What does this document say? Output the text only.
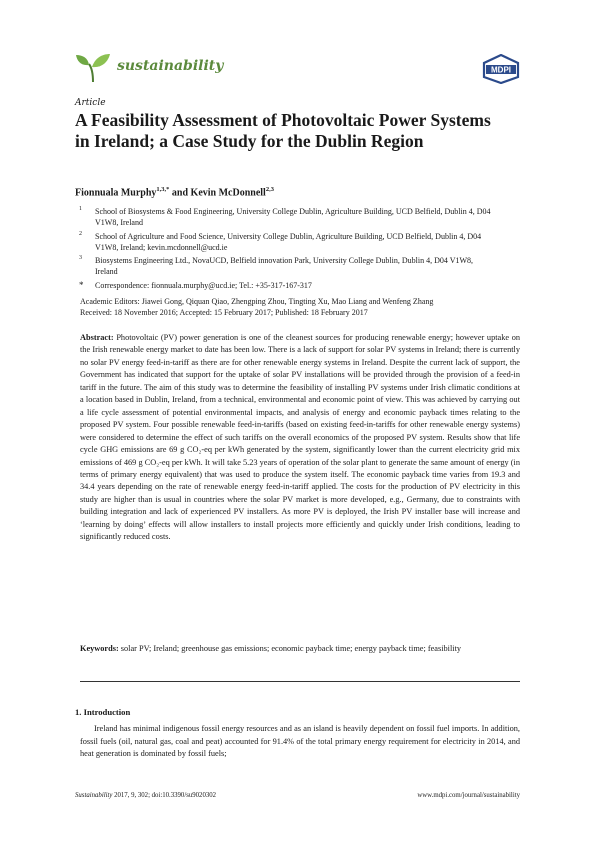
sustainability	MDPI
Article
A Feasibility Assessment of Photovoltaic Power Systems in Ireland; a Case Study for the Dublin Region
Fionnuala Murphy$^{1,3,*}$ and Kevin McDonnell$^{2,3}$
1 School of Biosystems & Food Engineering, University College Dublin, Agriculture Building, UCD Belfield, Dublin 4, D04 V1W8, Ireland
2 School of Agriculture and Food Science, University College Dublin, Agriculture Building, UCD Belfield, Dublin 4, D04 V1W8, Ireland; kevin.mcdonnell@ucd.ie
3 Biosystems Engineering Ltd., NovaUCD, Belfield innovation Park, University College Dublin, Dublin 4, D04 V1W8, Ireland
* Correspondence: fionnuala.murphy@ucd.ie; Tel.: +35-317-167-317
Academic Editors: Jiawei Gong, Qiquan Qiao, Zhengping Zhou, Tingting Xu, Mao Liang and Wenfeng Zhang
Received: 18 November 2016; Accepted: 15 February 2017; Published: 18 February 2017
Abstract: Photovoltaic (PV) power generation is one of the cleanest sources for producing renewable energy; however uptake on the Irish renewable energy market to date has been low. There is a lack of support for solar PV systems in Ireland; there is currently no solar PV energy feed-in-tariff as there are for other renewable energy systems in Ireland. Despite the current lack of support, the Government has indicated that support for the uptake of solar PV installations will be provided through the provision of a feed-in tariff in the future. The aim of this study was to determine the feasibility of installing PV systems under Irish climatic conditions at a location based in Dublin, Ireland, from a technical, environmental and economic point of view. This was achieved by carrying out a life cycle assessment of potential environmental impacts, and analysis of energy and economic payback times relating to the proposed PV system. Four possible renewable feed-in-tariffs (based on existing feed-in-tariffs for other renewable energy systems) were considered to determine the effect of such tariffs on the overall economics of the proposed PV system. Results show that life cycle GHG emissions are 69 g CO₂-eq per kWh generated by the system, significantly lower than the current electricity grid mix emissions of 469 g CO₂-eq per kWh. It will take 5.23 years of operation of the solar plant to generate the same amount of energy (in terms of primary energy equivalent) that was used to produce the system itself. The economic payback time varies from 19.3 and 34.4 years depending on the rate of renewable energy feed-in-tariff applied. The costs for the production of PV electricity in this study are higher than is usual in countries where the solar PV market is more developed, e.g., Germany, due to constraints with building integration and lack of experienced PV installers. As more PV is deployed, the Irish PV installer base will increase and ‘learning by doing’ effects will allow installers to install projects more efficiently and quickly under Irish conditions, leading to significantly reduced costs.
Keywords: solar PV; Ireland; greenhouse gas emissions; economic payback time; energy payback time; feasibility
1. Introduction
Ireland has minimal indigenous fossil energy resources and as an island is heavily dependent on fossil fuel imports. In addition, fossil fuels (oil, natural gas, coal and peat) accounted for 91.4% of the total primary energy requirement for electricity in 2014, and heat generation is dominated by fossil fuels;
Sustainability 2017, 9, 302; doi:10.3390/su9020302	www.mdpi.com/journal/sustainability
